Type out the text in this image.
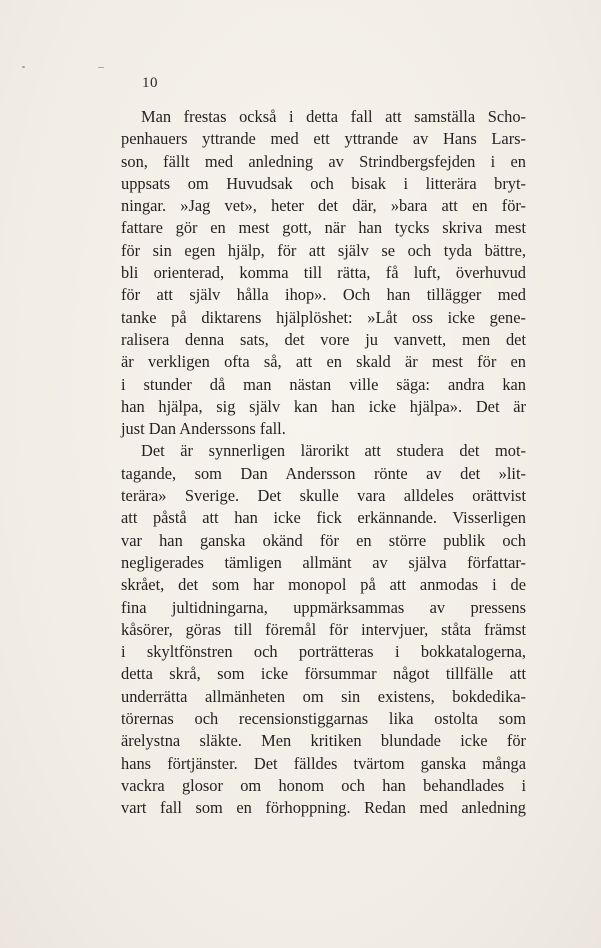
10
Man frestas också i detta fall att samställa Scho-
penhauers yttrande med ett yttrande av Hans Lars-
son, fällt med anledning av Strindbergsfejden i en
uppsats om Huvudsak och bisak i litterära bryt-
ningar. »Jag vet», heter det där, »bara att en för-
fattare gör en mest gott, när han tycks skriva mest
för sin egen hjälp, för att själv se och tyda bättre,
bli orienterad, komma till rätta, få luft, överhuvud
för att själv hålla ihop». Och han tillägger med
tanke på diktarens hjälplöshet: »Låt oss icke gene-
ralisera denna sats, det vore ju vanvett, men det
är verkligen ofta så, att en skald är mest för en
i stunder då man nästan ville säga: andra kan
han hjälpa, sig själv kan han icke hjälpa». Det är
just Dan Anderssons fall.
Det är synnerligen lärorikt att studera det mot-
tagande, som Dan Andersson rönte av det »lit-
terära» Sverige. Det skulle vara alldeles orättvist
att påstå att han icke fick erkännande. Visserligen
var han ganska okänd för en större publik och
negligerades tämligen allmänt av själva författar-
skrået, det som har monopol på att anmodas i de
fina jultidningarna, uppmärksammas av pressens
kåsörer, göras till föremål för intervjuer, ståta främst
i skyltfönstren och porträtteras i bokkatalogerna,
detta skrå, som icke försummar något tillfälle att
underrätta allmänheten om sin existens, bokdedika-
törernas och recensionstiggarnas lika ostolta som
ärelystna släkte. Men kritiken blundade icke för
hans förtjänster. Det fälldes tvärtom ganska många
vackra glosor om honom och han behandlades i
vart fall som en förhoppning. Redan med anledning
